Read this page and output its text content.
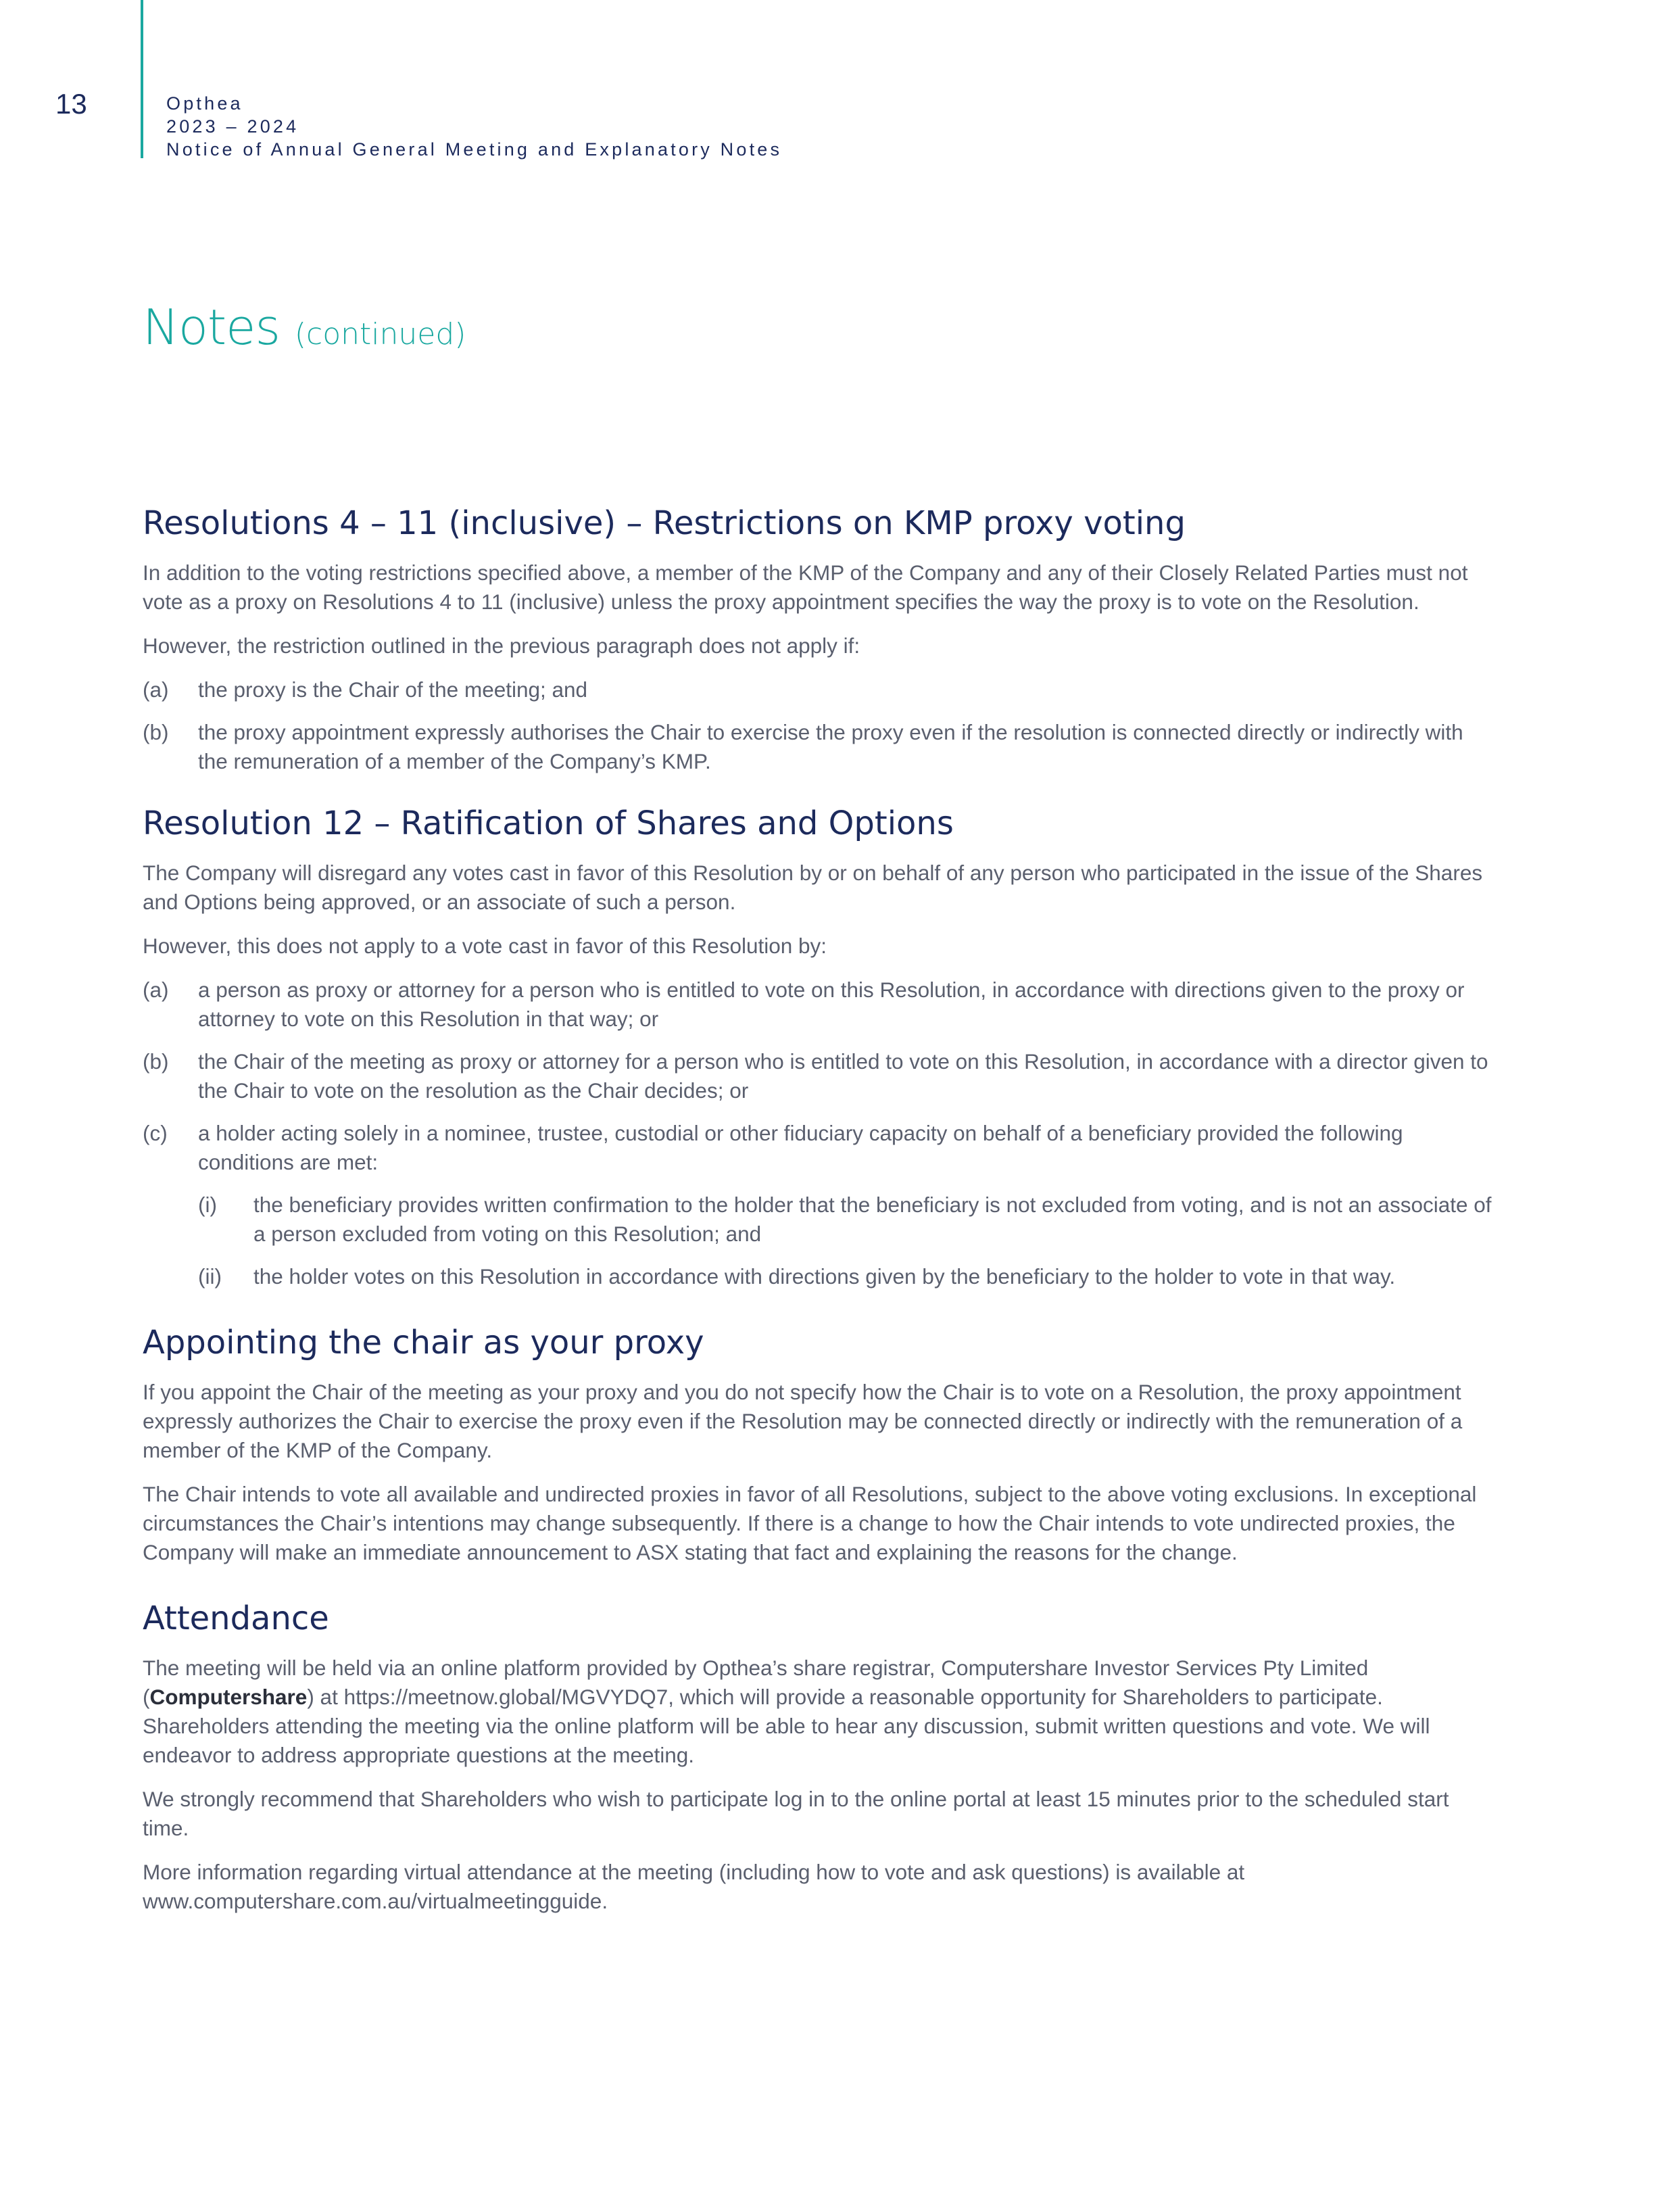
13	Opthea
2023 – 2024
Notice of Annual General Meeting and Explanatory Notes
Notes (continued)
Resolutions 4 – 11 (inclusive) – Restrictions on KMP proxy voting

In addition to the voting restrictions specified above, a member of the KMP of the Company and any of their Closely Related Parties must not vote as a proxy on Resolutions 4 to 11 (inclusive) unless the proxy appointment specifies the way the proxy is to vote on the Resolution.

However, the restriction outlined in the previous paragraph does not apply if:

(a)	the proxy is the Chair of the meeting; and
(b)	the proxy appointment expressly authorises the Chair to exercise the proxy even if the resolution is connected directly or indirectly with the remuneration of a member of the Company’s KMP.
Resolution 12 – Ratification of Shares and Options

The Company will disregard any votes cast in favor of this Resolution by or on behalf of any person who participated in the issue of the Shares and Options being approved, or an associate of such a person.

However, this does not apply to a vote cast in favor of this Resolution by:

(a)	a person as proxy or attorney for a person who is entitled to vote on this Resolution, in accordance with directions given to the proxy or attorney to vote on this Resolution in that way; or
(b)	the Chair of the meeting as proxy or attorney for a person who is entitled to vote on this Resolution, in accordance with a director given to the Chair to vote on the resolution as the Chair decides; or
(c)	a holder acting solely in a nominee, trustee, custodial or other fiduciary capacity on behalf of a beneficiary provided the following conditions are met:
(i)	the beneficiary provides written confirmation to the holder that the beneficiary is not excluded from voting, and is not an associate of a person excluded from voting on this Resolution; and
(ii)	the holder votes on this Resolution in accordance with directions given by the beneficiary to the holder to vote in that way.
Appointing the chair as your proxy

If you appoint the Chair of the meeting as your proxy and you do not specify how the Chair is to vote on a Resolution, the proxy appointment expressly authorizes the Chair to exercise the proxy even if the Resolution may be connected directly or indirectly with the remuneration of a member of the KMP of the Company.

The Chair intends to vote all available and undirected proxies in favor of all Resolutions, subject to the above voting exclusions. In exceptional circumstances the Chair’s intentions may change subsequently. If there is a change to how the Chair intends to vote undirected proxies, the Company will make an immediate announcement to ASX stating that fact and explaining the reasons for the change.

Attendance

The meeting will be held via an online platform provided by Opthea’s share registrar, Computershare Investor Services Pty Limited (Computershare) at https://meetnow.global/MGVYDQ7, which will provide a reasonable opportunity for Shareholders to participate. Shareholders attending the meeting via the online platform will be able to hear any discussion, submit written questions and vote. We will endeavor to address appropriate questions at the meeting.

We strongly recommend that Shareholders who wish to participate log in to the online portal at least 15 minutes prior to the scheduled start time.

More information regarding virtual attendance at the meeting (including how to vote and ask questions) is available at www.computershare.com.au/virtualmeetingguide.
